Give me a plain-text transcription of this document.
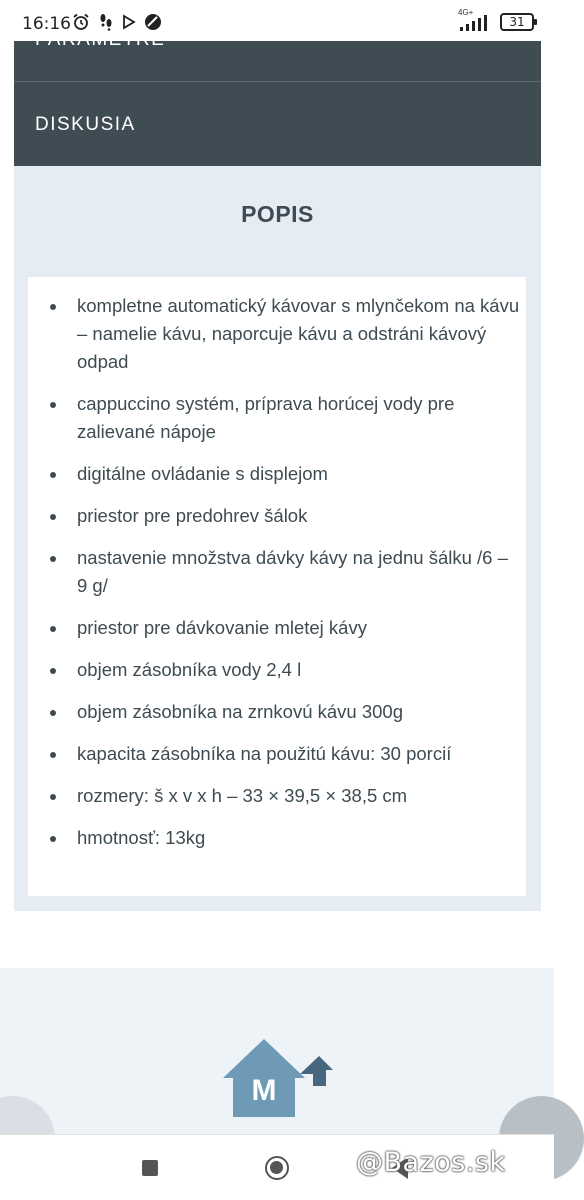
16:16
4G+
31
PARAMETRE
DISKUSIA
POPIS
kompletne automatický kávovar s mlynčekom na kávu – namelie kávu, naporcuje kávu a odstráni kávový odpad
cappuccino systém, príprava horúcej vody pre zalievané nápoje
digitálne ovládanie s displejom
priestor pre predohrev šálok
nastavenie množstva dávky kávy na jednu šálku /6 – 9 g/
priestor pre dávkovanie mletej kávy
objem zásobníka vody 2,4 l
objem zásobníka na zrnkovú kávu 300g
kapacita zásobníka na použitú kávu: 30 porcií
rozmery: š x v x h – 33 × 39,5 × 38,5 cm
hmotnosť: 13kg
M
@Bazos.sk
